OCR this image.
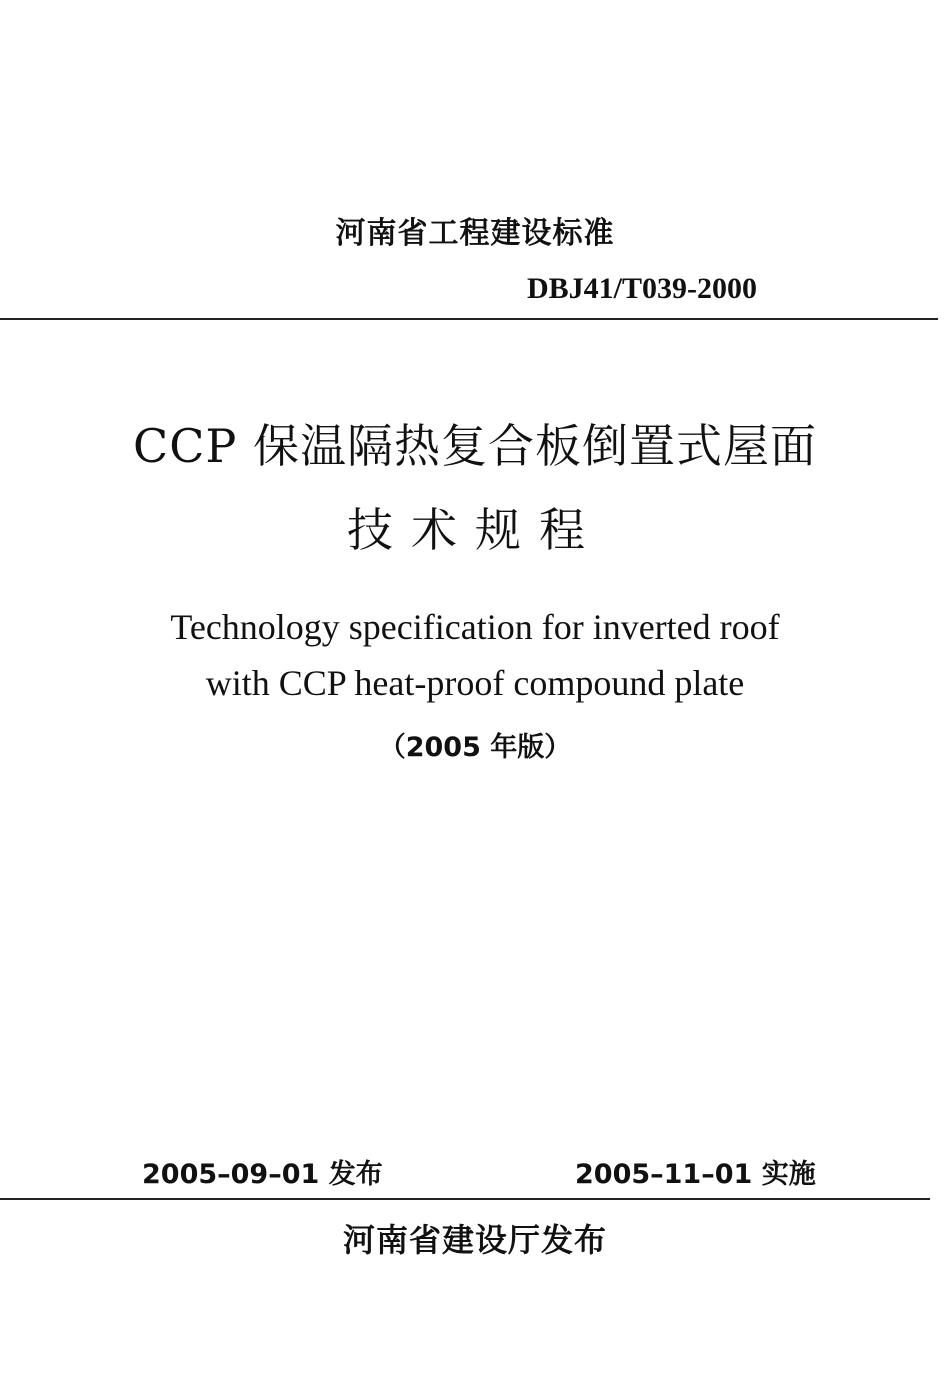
河南省工程建设标准
DBJ41/T039-2000
CCP 保温隔热复合板倒置式屋面
技术规程
Technology specification for inverted roof
with CCP heat-proof compound plate
（2005 年版）
2005–09–01 发布	2005–11–01 实施
河南省建设厅发布
